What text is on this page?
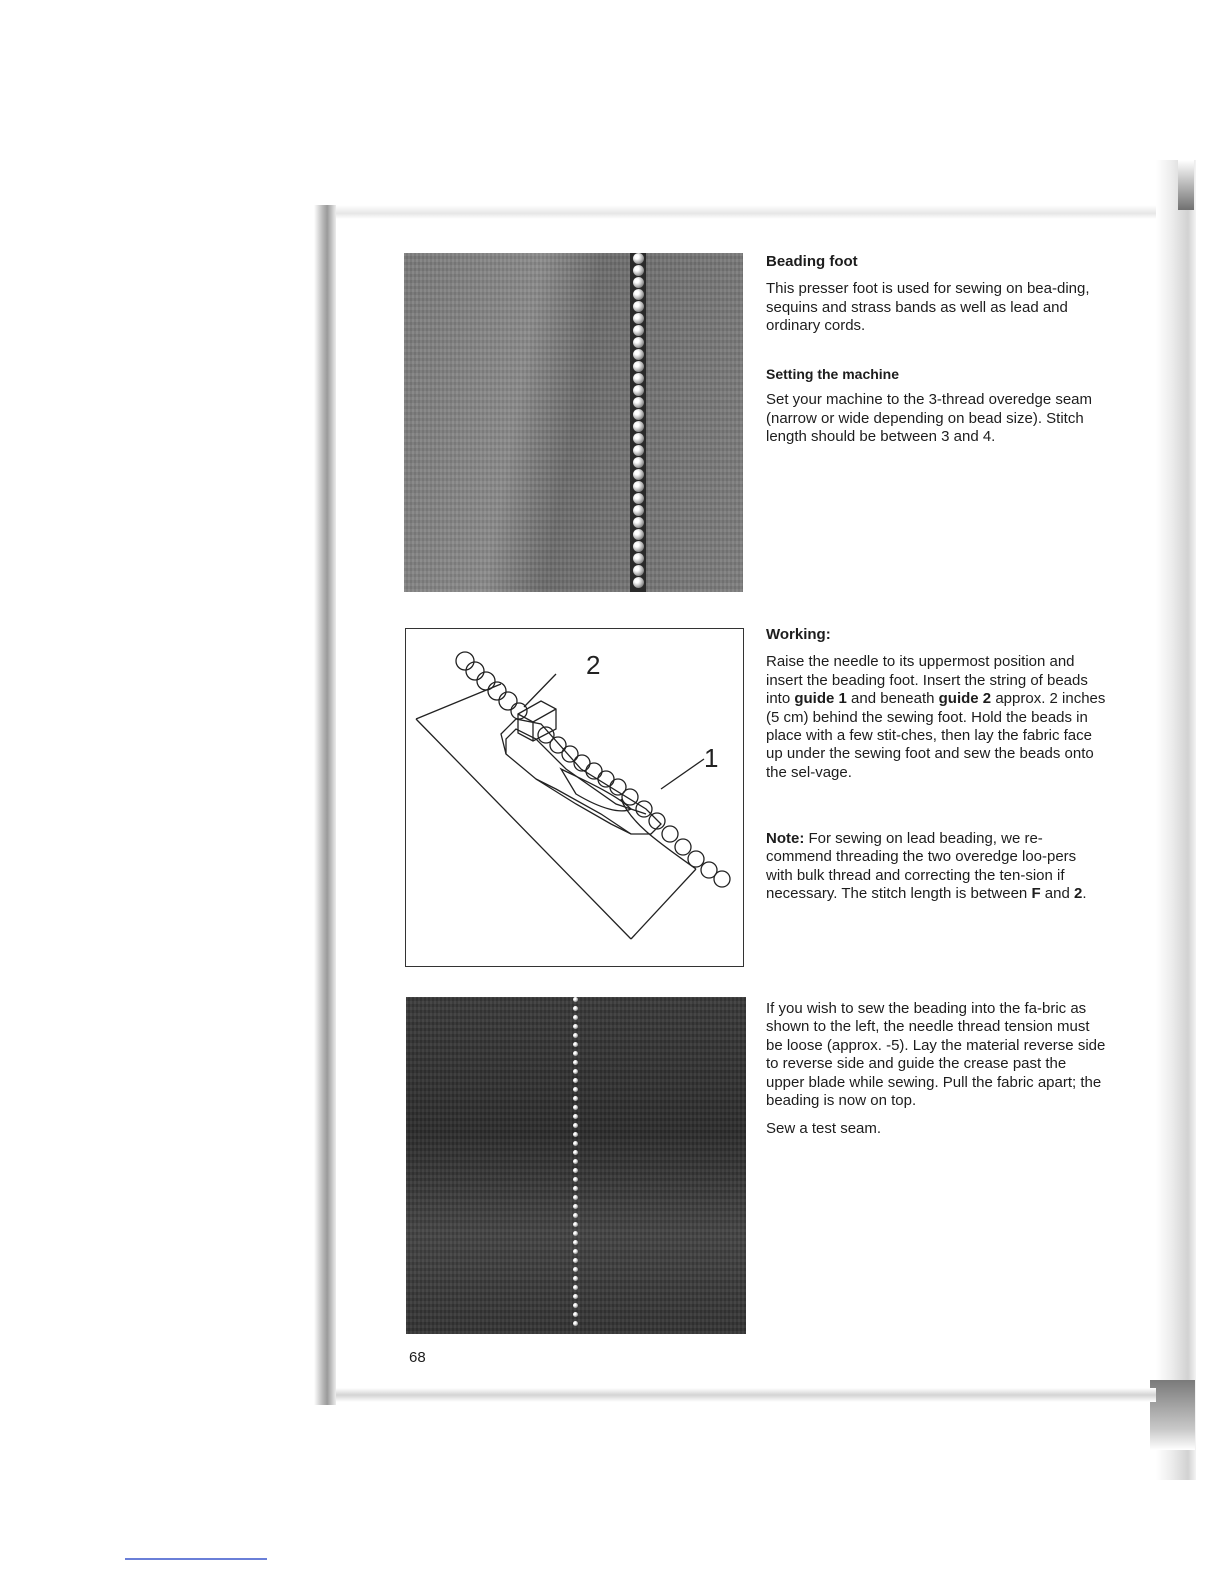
2
1
Beading foot

This presser foot is used for sewing on bea-ding, sequins and strass bands as well as lead and ordinary cords.

Setting the machine

Set your machine to the 3-thread overedge seam (narrow or wide depending on bead size). Stitch length should be between 3 and 4.

Working:

Raise the needle to its uppermost position and insert the beading foot. Insert the string of beads into guide 1 and beneath guide 2 approx. 2 inches (5 cm) behind the sewing foot. Hold the beads in place with a few stit-ches, then lay the fabric face up under the sewing foot and sew the beads onto the sel-vage.

Note: For sewing on lead beading, we re-commend threading the two overedge loo-pers with bulk thread and correcting the ten-sion if necessary. The stitch length is between F and 2.

If you wish to sew the beading into the fa-bric as shown to the left, the needle thread tension must be loose (approx. -5). Lay the material reverse side to reverse side and guide the crease past the upper blade while sewing. Pull the fabric apart; the beading is now on top.

Sew a test seam.

68
